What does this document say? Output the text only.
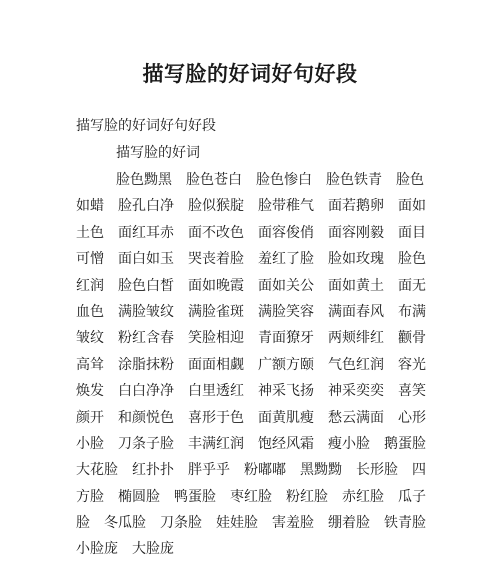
描写脸的好词好句好段
描写脸的好词好句好段
描写脸的好词
脸色黝黑　脸色苍白　脸色惨白　脸色铁青　脸色
如蜡　脸孔白净　脸似猴腚　脸带稚气　面若鹅卵　面如
土色　面红耳赤　面不改色　面容俊俏　面容刚毅　面目
可憎　面白如玉　哭丧着脸　羞红了脸　脸如玫瑰　脸色
红润　脸色白皙　面如晚霞　面如关公　面如黄土　面无
血色　满脸皱纹　满脸雀斑　满脸笑容　满面春风　布满
皱纹　粉红含春　笑脸相迎　青面獠牙　两颊绯红　颧骨
高耸　涂脂抹粉　面面相觑　广额方颐　气色红润　容光
焕发　白白净净　白里透红　神采飞扬　神采奕奕　喜笑
颜开　和颜悦色　喜形于色　面黄肌瘦　愁云满面　心形
小脸　刀条子脸　丰满红润　饱经风霜　瘦小脸　鹅蛋脸
大花脸　红扑扑　胖乎乎　粉嘟嘟　黑黝黝　长形脸　四
方脸　椭圆脸　鸭蛋脸　枣红脸　粉红脸　赤红脸　瓜子
脸　冬瓜脸　刀条脸　娃娃脸　害羞脸　绷着脸　铁青脸
小脸庞　大脸庞
